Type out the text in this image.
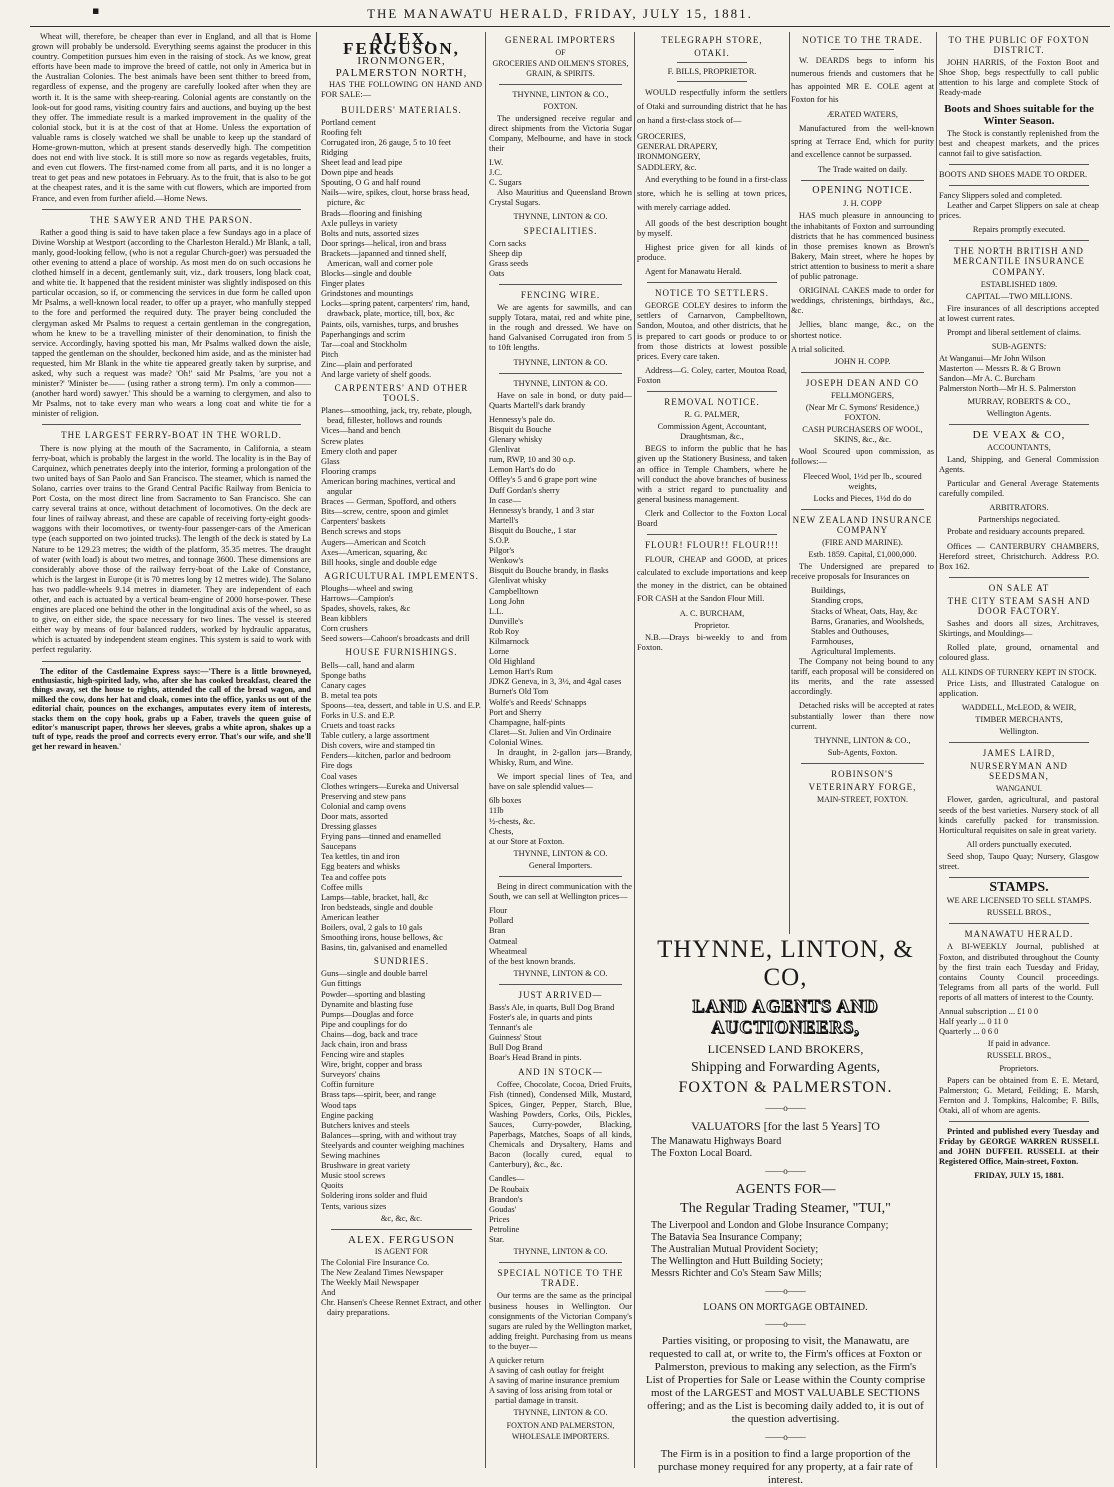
▪	THE MANAWATU HERALD, FRIDAY, JULY 15, 1881.

Wheat will, therefore, be cheaper than ever in England, and all that is Home grown will probably be undersold. Everything seems against the producer in this country. Competition pursues him even in the raising of stock. As we know, great efforts have been made to improve the breed of cattle, not only in America but in the Australian Colonies. The best animals have been sent thither to breed from, regardless of expense, and the progeny are carefully looked after when they are worth it. It is the same with sheep-rearing. Colonial agents are constantly on the look-out for good rams, visiting country fairs and auctions, and buying up the best they offer. The immediate result is a marked improvement in the quality of the colonial stock, but it is at the cost of that at Home. Unless the exportation of valuable rams is closely watched we shall be unable to keep up the standard of Home-grown-mutton, which at present stands deservedly high. The competition does not end with live stock. It is still more so now as regards vegetables, fruits, and even cut flowers. The first-named come from all parts, and it is no longer a treat to get peas and new potatoes in February. As to the fruit, that is also to be got at the cheapest rates, and it is the same with cut flowers, which are imported from France, and even from further afield.—Home News.

THE SAWYER AND THE PARSON.

Rather a good thing is said to have taken place a few Sundays ago in a place of Divine Worship at Westport (according to the Charleston Herald.) Mr Blank, a tall, manly, good-looking fellow, (who is not a regular Church-goer) was persuaded the other evening to attend a place of worship. As most men do on such occasions he clothed himself in a decent, gentlemanly suit, viz., dark trousers, long black coat, and white tie. It happened that the resident minister was slightly indisposed on this particular occasion, so if, or commencing the services in due form he called upon Mr Psalms, a well-known local reader, to offer up a prayer, who manfully stepped to the fore and performed the required duty. The prayer being concluded the clergyman asked Mr Psalms to request a certain gentleman in the congregation, whom he knew to be a travelling minister of their denomination, to finish the service. Accordingly, having spotted his man, Mr Psalms walked down the aisle, tapped the gentleman on the shoulder, beckoned him aside, and as the minister had requested, him Mr Blank in the white tie appeared greatly taken by surprise, and asked, why such a request was made? 'Oh!' said Mr Psalms, 'are you not a minister?' 'Minister be—— (using rather a strong term). I'm only a common—— (another hard word) sawyer.' This should be a warning to clergymen, and also to Mr Psalms, not to take every man who wears a long coat and white tie for a minister of religion.

THE LARGEST FERRY-BOAT IN THE WORLD.

There is now plying at the mouth of the Sacramento, in California, a steam ferry-boat, which is probably the largest in the world. The locality is in the Bay of Carquinez, which penetrates deeply into the interior, forming a prolongation of the two united bays of San Paolo and San Francisco. The steamer, which is named the Solano, carries over trains to the Grand Central Pacific Railway from Benicia to Port Costa, on the most direct line from Sacramento to San Francisco. She can carry several trains at once, without detachment of locomotives. On the deck are four lines of railway abreast, and these are capable of receiving forty-eight goods-waggons with their locomotives, or twenty-four passenger-cars of the American type (each supported on two jointed trucks). The length of the deck is stated by La Nature to be 129.23 metres; the width of the platform, 35.35 metres. The draught of water (with load) is about two metres, and tonnage 3600. These dimensions are considerably above those of the railway ferry-boat of the Lake of Constance, which is the largest in Europe (it is 70 metres long by 12 metres wide). The Solano has two paddle-wheels 9.14 metres in diameter. They are independent of each other, and each is actuated by a vertical beam-engine of 2000 horse-power. These engines are placed one behind the other in the longitudinal axis of the wheel, so as to give, on either side, the space necessary for two lines. The vessel is steered either way by means of four balanced rudders, worked by hydraulic apparatus, which is actuated by independent steam engines. This system is said to work with perfect regularity.

The editor of the Castlemaine Express says:—'There is a little browneyed, enthusiastic, high-spirited lady, who, after she has cooked breakfast, cleared the things away, set the house to rights, attended the call of the bread wagon, and milked the cow, dons her hat and cloak, comes into the office, yanks us out of the editorial chair, pounces on the exchanges, amputates every item of interests, stacks them on the copy hook, grabs up a Faber, travels the queen guise of editor's manuscript paper, throws her sleeves, grabs a white apron, shakes up a tuft of type, reads the proof and corrects every error. That's our wife, and she'll get her reward in heaven.'

ALEX. FERGUSON,
IRONMONGER,
PALMERSTON NORTH,

HAS THE FOLLOWING ON HAND AND FOR SALE:—

BUILDERS' MATERIALS.
Portland cement
Roofing felt
Corrugated iron, 26 gauge, 5 to 10 feet
Ridging
Sheet lead and lead pipe
Down pipe and heads
Spouting, O G and half round
Nails—wire, spikes, clout, horse brass head, picture, &c
Brads—flooring and finishing
Axle pulleys in variety
Bolts and nuts, assorted sizes
Door springs—helical, iron and brass
Brackets—japanned and tinned shelf, American, wall and corner pole
Blocks—single and double
Finger plates
Grindstones and mountings
Locks—spring patent, carpenters' rim, hand, drawback, plate, mortice, till, box, &c
Paints, oils, varnishes, turps, and brushes
Paperhangings and scrim
Tar—coal and Stockholm
Pitch
Zinc—plain and perforated
And large variety of shelf goods.
CARPENTERS' AND OTHER TOOLS.
Planes—smoothing, jack, try, rebate, plough, bead, fillester, hollows and rounds
Vices—hand and bench
Screw plates
Emery cloth and paper
Glass
Flooring cramps
American boring machines, vertical and angular
Braces — German, Spofford, and others
Bits—screw, centre, spoon and gimlet
Carpenters' baskets
Bench screws and stops
Augers—American and Scotch
Axes—American, squaring, &c
Bill hooks, single and double edge
AGRICULTURAL IMPLEMENTS.
Ploughs—wheel and swing
Harrows—Campion's
Spades, shovels, rakes, &c
Bean kibblers
Corn crushers
Seed sowers—Cahoon's broadcasts and drill
HOUSE FURNISHINGS.
Bells—call, hand and alarm
Sponge baths
Canary cages
B. metal tea pots
Spoons—tea, dessert, and table in U.S. and E.P.
Forks in U.S. and E.P.
Cruets and toast racks
Table cutlery, a large assortment
Dish covers, wire and stamped tin
Fenders—kitchen, parlor and bedroom
Fire dogs
Coal vases
Clothes wringers—Eureka and Universal
Preserving and stew pans
Colonial and camp ovens
Door mats, assorted
Dressing glasses
Frying pans—tinned and enamelled
Saucepans
Tea kettles, tin and iron
Egg beaters and whisks
Tea and coffee pots
Coffee mills
Lamps—table, bracket, hall, &c
Iron bedsteads, single and double
American leather
Boilers, oval, 2 gals to 10 gals
Smoothing irons, house bellows, &c
Basins, tin, galvanised and enamelled
SUNDRIES.
Guns—single and double barrel
Gun fittings
Powder—sporting and blasting
Dynamite and blasting fuse
Pumps—Douglas and force
Pipe and couplings for do
Chains—dog, back and trace
Jack chain, iron and brass
Fencing wire and staples
Wire, bright, copper and brass
Surveyors' chains
Coffin furniture
Brass taps—spirit, beer, and range
Wood taps
Engine packing
Butchers knives and steels
Balances—spring, with and without tray
Steelyards and counter weighing machines
Sewing machines
Brushware in great variety
Music stool screws
Quoits
Soldering irons solder and fluid
Tents, various sizes
&c, &c, &c.
ALEX. FERGUSON
IS AGENT FOR
The Colonial Fire Insurance Co.
The New Zealand Times Newspaper
The Weekly Mail Newspaper
And
Chr. Hansen's Cheese Rennet Extract, and other dairy preparations.
GENERAL IMPORTERS
OF
GROCERIES AND OILMEN'S STORES, GRAIN, & SPIRITS.
THYNNE, LINTON & CO.,
FOXTON.

The undersigned receive regular and direct shipments from the Victoria Sugar Company, Melbourne, and have in stock their

I.W.
J.C.
C. Sugars

Also Mauritius and Queensland Brown Crystal Sugars.

THYNNE, LINTON & CO.
SPECIALITIES.
Corn sacks
Sheep dip
Grass seeds
Oats
FENCING WIRE.

We are agents for sawmills, and can supply Totara, matai, red and white pine, in the rough and dressed. We have on hand Galvanised Corrugated iron from 5 to 10ft lengths.

THYNNE, LINTON & CO.
THYNNE, LINTON & CO.

Have on sale in bond, or duty paid—Quarts Martell's dark brandy

Hennessy's pale do.
Bisquit du Bouche
Glenary whisky
Glenlivat
rum, RWP, 10 and 30 o.p.
Lemon Hart's do do
Offley's 5 and 6 grape port wine
Duff Gordan's sherry
In case—
Hennessy's brandy, 1 and 3 star
Martell's
Bisquit du Bouche,, 1 star
S.O.P.
Pilgor's
Wenkow's
Bisquit du Bouche brandy, in flasks
Glenlivat whisky
Campbelltown
Long John
L.L.
Dunville's
Rob Roy
Kilmarnock
Lorne
Old Highland
Lemon Hart's Rum
JDKZ Geneva, in 3, 3½, and 4gal cases
Burnet's Old Tom
Wolfe's and Reeds' Schnapps
Port and Sherry
Champagne, half-pints
Claret—St. Julien and Vin Ordinaire
Colonial Wines.

In draught, in 2-gallon jars—Brandy, Whisky, Rum, and Wine.

We import special lines of Tea, and have on sale splendid values—

6lb boxes
11lb
½-chests, &c.
Chests,
at our Store at Foxton.
THYNNE, LINTON & CO.
General Importers.

Being in direct communication with the South, we can sell at Wellington prices—

Flour
Pollard
Bran
Oatmeal
Wheatmeal
of the best known brands.
THYNNE, LINTON & CO.
JUST ARRIVED—
Bass's Ale, in quarts, Bull Dog Brand
Foster's ale, in quarts and pints
Tennant's ale
Guinness' Stout
Bull Dog Brand
Boar's Head Brand in pints.
AND IN STOCK—

Coffee, Chocolate, Cocoa, Dried Fruits, Fish (tinned), Condensed Milk, Mustard, Spices, Ginger, Pepper, Starch, Blue, Washing Powders, Corks, Oils, Pickles, Sauces, Curry-powder, Blacking, Paperbags, Matches, Soaps of all kinds, Chemicals and Drysaltery, Hams and Bacon (locally cured, equal to Canterbury), &c., &c.

Candles—
De Roubaix
Brandon's
Goudas'
Prices
Petroline
Star.
THYNNE, LINTON & CO.
SPECIAL NOTICE TO THE TRADE.

Our terms are the same as the principal business houses in Wellington. Our consignments of the Victorian Company's sugars are ruled by the Wellington market, adding freight. Purchasing from us means to the buyer—

A quicker return
A saving of cash outlay for freight
A saving of marine insurance premium
A saving of loss arising from total or partial damage in transit.
THYNNE, LINTON & CO.
FOXTON AND PALMERSTON,
WHOLESALE IMPORTERS.
TELEGRAPH STORE,
OTAKI.
F. BILLS, PROPRIETOR.

WOULD respectfully inform the settlers of Otaki and surrounding district that he has on hand a first-class stock of—

GROCERIES,
GENERAL DRAPERY,
IRONMONGERY,
SADDLERY, &c.

And everything to be found in a first-class store, which he is selling at town prices, with merely carriage added.

All goods of the best description bought by myself.

Highest price given for all kinds of produce.

Agent for Manawatu Herald.

NOTICE TO SETTLERS.

GEORGE COLEY desires to inform the settlers of Carnarvon, Campbelltown, Sandon, Moutoa, and other districts, that he is prepared to cart goods or produce to or from those districts at lowest possible prices. Every care taken.

Address—G. Coley, carter, Moutoa Road, Foxton

REMOVAL NOTICE.
R. G. PALMER,
Commission Agent, Accountant, Draughtsman, &c.,

BEGS to inform the public that he has given up the Stationery Business, and taken an office in Temple Chambers, where he will conduct the above branches of business with a strict regard to punctuality and general business management.

Clerk and Collector to the Foxton Local Board

FLOUR! FLOUR!! FLOUR!!!

FLOUR, CHEAP and GOOD, at prices calculated to exclude importations and keep the money in the district, can be obtained FOR CASH at the Sandon Flour Mill.

A. C. BURCHAM,
Proprietor.

N.B.—Drays bi-weekly to and from Foxton.

NOTICE TO THE TRADE.

W. DEARDS begs to inform his numerous friends and customers that he has appointed MR E. COLE agent at Foxton for his

ÆRATED WATERS,

Manufactured from the well-known spring at Terrace End, which for purity and excellence cannot be surpassed.

The Trade waited on daily.
OPENING NOTICE.
J. H. COPP

HAS much pleasure in announcing to the inhabitants of Foxton and surrounding districts that he has commenced business in those premises known as Brown's Bakery, Main street, where he hopes by strict attention to business to merit a share of public patronage.

ORIGINAL CAKES made to order for weddings, christenings, birthdays, &c., &c.

Jellies, blanc mange, &c., on the shortest notice.

A trial solicited.
JOHN H. COPP.
JOSEPH DEAN AND CO
FELLMONGERS,
(Near Mr C. Symons' Residence,) FOXTON.
CASH PURCHASERS OF WOOL, SKINS, &c., &c.

Wool Scoured upon commission, as follows:—

Fleeced Wool, 1½d per lb., scoured weights,
Locks and Pieces, 1½d do do
NEW ZEALAND INSURANCE COMPANY
(FIRE AND MARINE).
Estb. 1859. Capital, £1,000,000.

The Undersigned are prepared to receive proposals for Insurances on

Buildings,
Standing crops,
Stacks of Wheat, Oats, Hay, &c
Barns, Granaries, and Woolsheds,
Stables and Outhouses,
Farmhouses,
Agricultural Implements.

The Company not being bound to any tariff, each proposal will be considered on its merits, and the rate assessed accordingly.

Detached risks will be accepted at rates substantially lower than there now current.

THYNNE, LINTON & CO.,
Sub-Agents, Foxton.
ROBINSON'S
VETERINARY FORGE,
MAIN-STREET, FOXTON.
TO THE PUBLIC OF FOXTON DISTRICT.

JOHN HARRIS, of the Foxton Boot and Shoe Shop, begs respectfully to call public attention to his large and complete Stock of Ready-made

Boots and Shoes suitable for the Winter Season.

The Stock is constantly replenished from the best and cheapest markets, and the prices cannot fail to give satisfaction.

BOOTS AND SHOES MADE TO ORDER.
Fancy Slippers soled and completed.

Leather and Carpet Slippers on sale at cheap prices.

Repairs promptly executed.
THE NORTH BRITISH AND MERCANTILE INSURANCE COMPANY.
ESTABLISHED 1809.
CAPITAL—TWO MILLIONS.

Fire insurances of all descriptions accepted at lowest current rates.

Prompt and liberal settlement of claims.

SUB-AGENTS:
At Wanganui—Mr John Wilson
Masterton — Messrs R. & G Brown
Sandon—Mr A. C. Burcham
Palmerston North—Mr H. S. Palmerston
MURRAY, ROBERTS & CO.,
Wellington Agents.
DE VEAX & CO,
ACCOUNTANTS,

Land, Shipping, and General Commission Agents.

Particular and General Average Statements carefully compiled.

ARBITRATORS.
Partnerships negociated.

Probate and residuary accounts prepared.

Offices — CANTERBURY CHAMBERS, Hereford street, Christchurch. Address P.O. Box 162.

ON SALE AT
THE CITY STEAM SASH AND DOOR FACTORY.

Sashes and doors all sizes, Architraves, Skirtings, and Mouldings—

Rolled plate, ground, ornamental and coloured glass.

ALL KINDS OF TURNERY KEPT IN STOCK.

Price Lists, and Illustrated Catalogue on application.

WADDELL, McLEOD, & WEIR,
TIMBER MERCHANTS,
Wellington.
JAMES LAIRD,
NURSERYMAN AND SEEDSMAN,
WANGANUI.

Flower, garden, agricultural, and pastoral seeds of the best varieties. Nursery stock of all kinds carefully packed for transmission. Horticultural requisites on sale in great variety.

All orders punctually executed.

Seed shop, Taupo Quay; Nursery, Glasgow street.

STAMPS.
WE ARE LICENSED TO SELL STAMPS.
RUSSELL BROS.,
MANAWATU HERALD.

A BI-WEEKLY Journal, published at Foxton, and distributed throughout the County by the first train each Tuesday and Friday, contains County Council proceedings. Telegrams from all parts of the world. Full reports of all matters of interest to the County.

Annual subscription ... £1 0 0
Half yearly ... 0 11 0
Quarterly ... 0 6 0
If paid in advance.
RUSSELL BROS.,
Proprietors.

Papers can be obtained from E. E. Metard, Palmerston; G. Metard, Feilding; E. Marsh, Fernton and J. Tompkins, Halcombe; F. Bills, Otaki, all of whom are agents.

Printed and published every Tuesday and Friday by GEORGE WARREN RUSSELL and JOHN DUFFEIL RUSSELL at their Registered Office, Main-street, Foxton.

FRIDAY, JULY 15, 1881.
THYNNE, LINTON, & CO,
LAND AGENTS AND AUCTIONEERS,
LICENSED LAND BROKERS,
Shipping and Forwarding Agents,
FOXTON & PALMERSTON.
——o——
VALUATORS [for the last 5 Years] TO
The Manawatu Highways Board
The Foxton Local Board.
——o——
AGENTS FOR—
The Regular Trading Steamer, "TUI,"
The Liverpool and London and Globe Insurance Company;
The Batavia Sea Insurance Company;
The Australian Mutual Provident Society;
The Wellington and Hutt Building Society;
Messrs Richter and Co's Steam Saw Mills;
——o——
LOANS ON MORTGAGE OBTAINED.
——o——
Parties visiting, or proposing to visit, the Manawatu, are requested to call at, or write to, the Firm's offices at Foxton or Palmerston, previous to making any selection, as the Firm's List of Properties for Sale or Lease within the County comprise most of the LARGEST and MOST VALUABLE SECTIONS offering; and as the List is becoming daily added to, it is out of the question advertising.
——o——
The Firm is in a position to find a large proportion of the purchase money required for any property, at a fair rate of interest.
